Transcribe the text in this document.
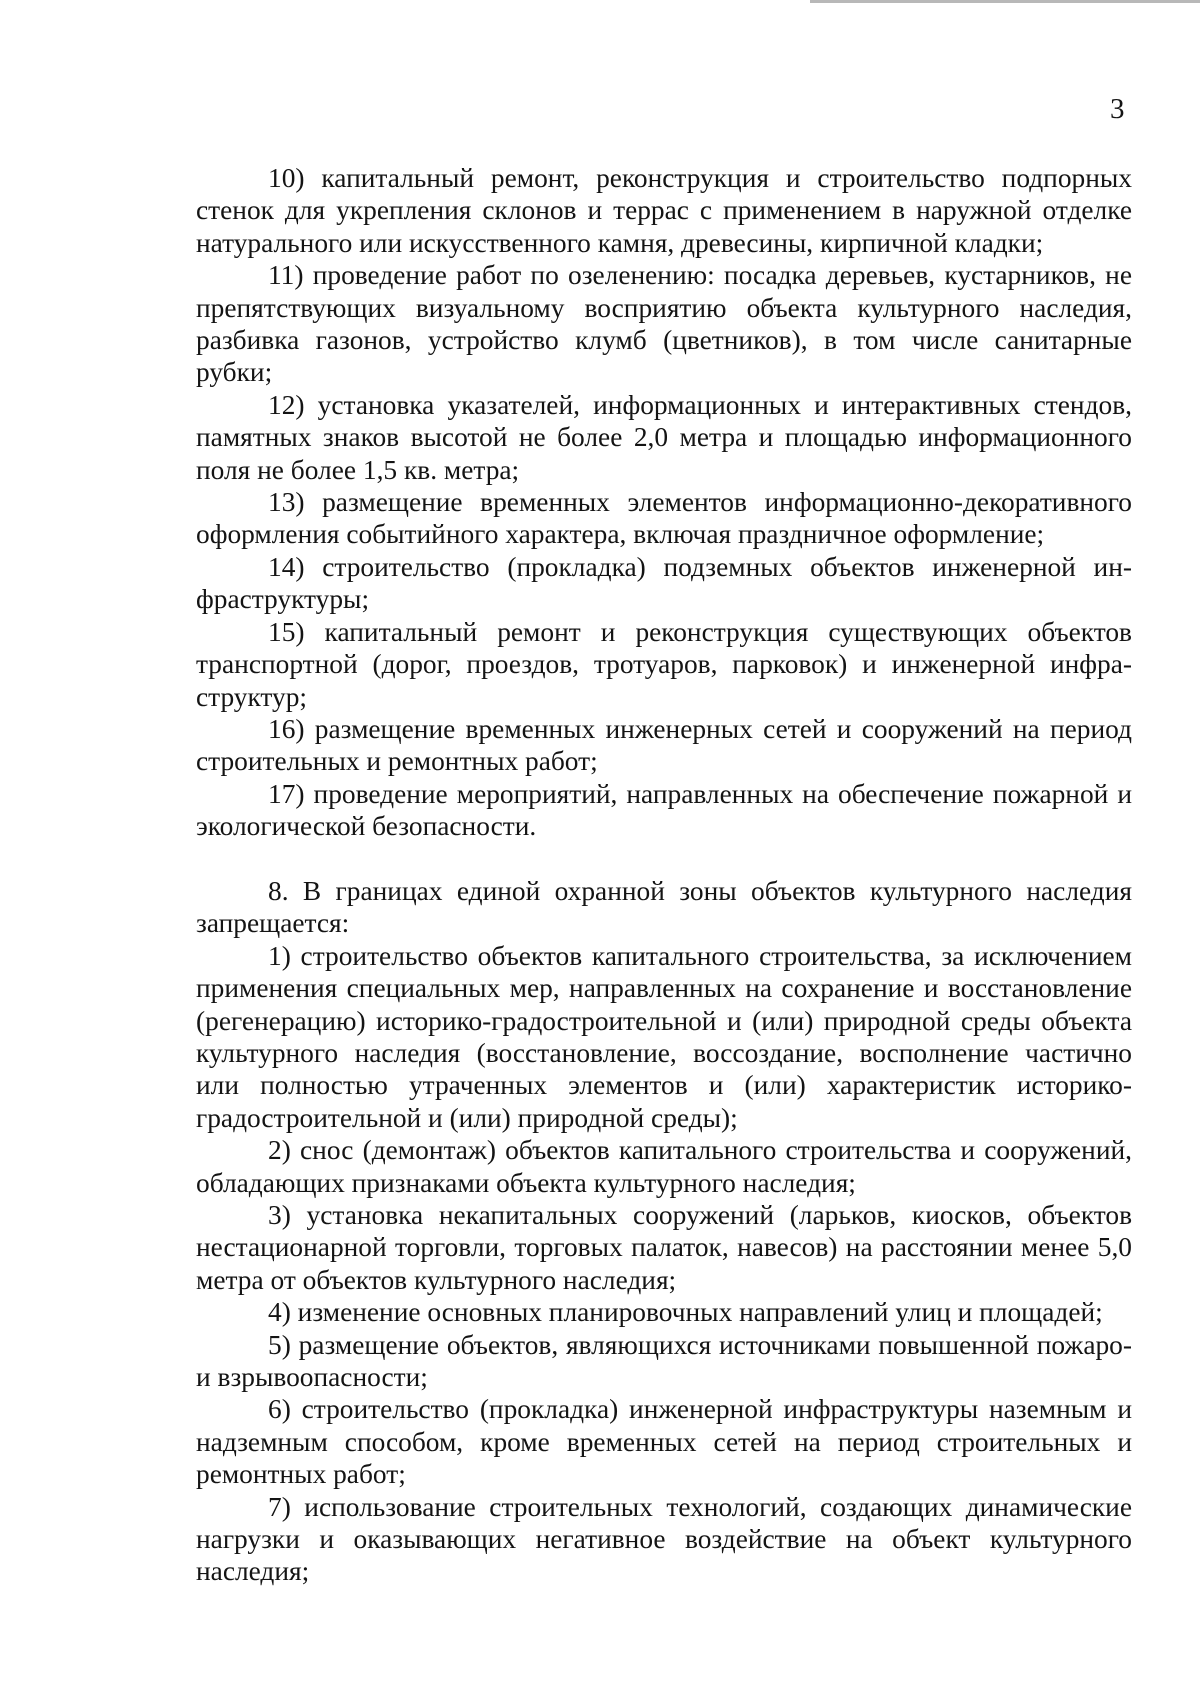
3

10) капитальный ремонт, реконструкция и строительство подпорных стенок для укрепления склонов и террас с применением в наружной отделке натурального или искусственного камня, древесины, кирпичной кладки;

11) проведение работ по озеленению: посадка деревьев, кустарников, не препятствующих визуальному восприятию объекта культурного наследия, разбивка газонов, устройство клумб (цветников), в том числе санитарные рубки;

12) установка указателей, информационных и интерактивных стендов, памятных знаков высотой не более 2,0 метра и площадью информационного поля не более 1,5 кв. метра;

13) размещение временных элементов информационно-декоративного оформления событийного характера, включая праздничное оформление;

14) строительство (прокладка) подземных объектов инженерной инфраструктуры;

15) капитальный ремонт и реконструкция существующих объектов транспортной (дорог, проездов, тротуаров, парковок) и инженерной инфраструктур;

16) размещение временных инженерных сетей и сооружений на период строительных и ремонтных работ;

17) проведение мероприятий, направленных на обеспечение пожарной и экологической безопасности.

8. В границах единой охранной зоны объектов культурного наследия запрещается:

1) строительство объектов капитального строительства, за исключением применения специальных мер, направленных на сохранение и восстановление (регенерацию) историко-градостроительной и (или) природной среды объекта культурного наследия (восстановление, воссоздание, восполнение частично или полностью утраченных элементов и (или) характеристик историко-градостроительной и (или) природной среды);

2) снос (демонтаж) объектов капитального строительства и сооружений, обладающих признаками объекта культурного наследия;

3) установка некапитальных сооружений (ларьков, киосков, объектов нестационарной торговли, торговых палаток, навесов) на расстоянии менее 5,0 метра от объектов культурного наследия;

4) изменение основных планировочных направлений улиц и площадей;

5) размещение объектов, являющихся источниками повышенной пожаро- и взрывоопасности;

6) строительство (прокладка) инженерной инфраструктуры наземным и надземным способом, кроме временных сетей на период строительных и ремонтных работ;

7) использование строительных технологий, создающих динамические нагрузки и оказывающих негативное воздействие на объект культурного наследия;
